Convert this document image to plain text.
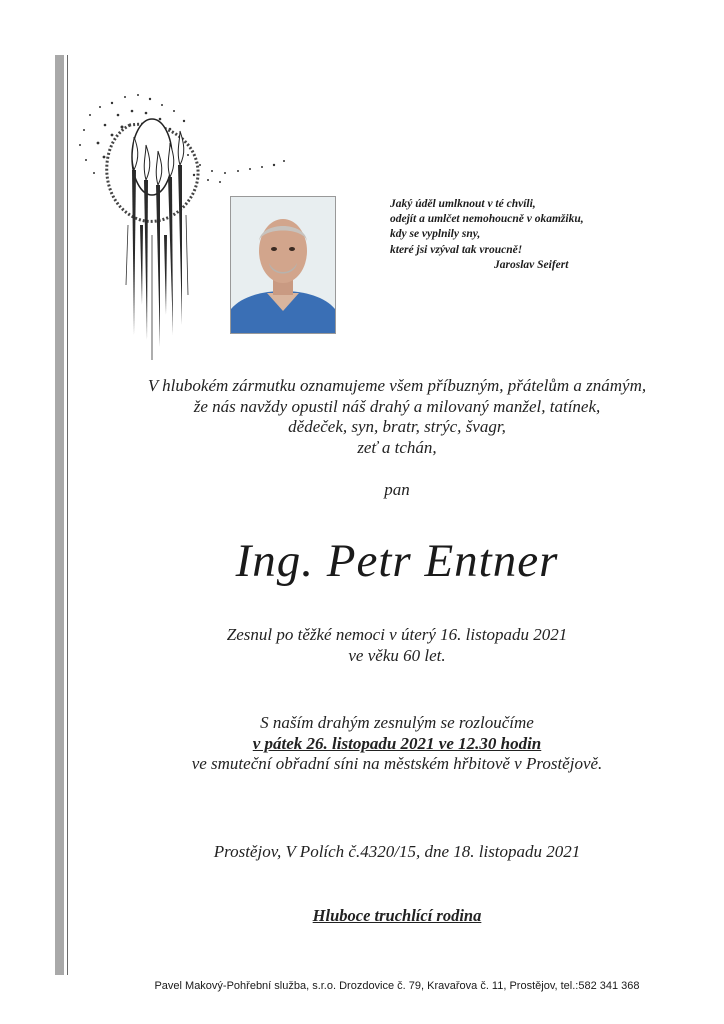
Jaký úděl umlknout v té chvíli,
odejít a umlčet nemohoucně v okamžiku,
kdy se vyplnily sny,
které jsi vzýval tak vroucně!
Jaroslav Seifert
V hlubokém zármutku oznamujeme všem příbuzným, přátelům a známým,
že nás navždy opustil náš drahý a milovaný manžel, tatínek,
dědeček, syn, bratr, strýc, švagr,
zeť a tchán,
pan
Ing. Petr Entner
Zesnul po těžké nemoci v úterý 16. listopadu 2021
ve věku 60 let.
S naším drahým zesnulým se rozloučíme
v pátek 26. listopadu 2021 ve 12.30 hodin
ve smuteční obřadní síni na městském hřbitově v Prostějově.
Prostějov, V Polích č.4320/15, dne 18. listopadu 2021
Hluboce truchlící rodina
Pavel Makový-Pohřební služba, s.r.o. Drozdovice č. 79, Kravařova č. 11, Prostějov, tel.:582 341 368
